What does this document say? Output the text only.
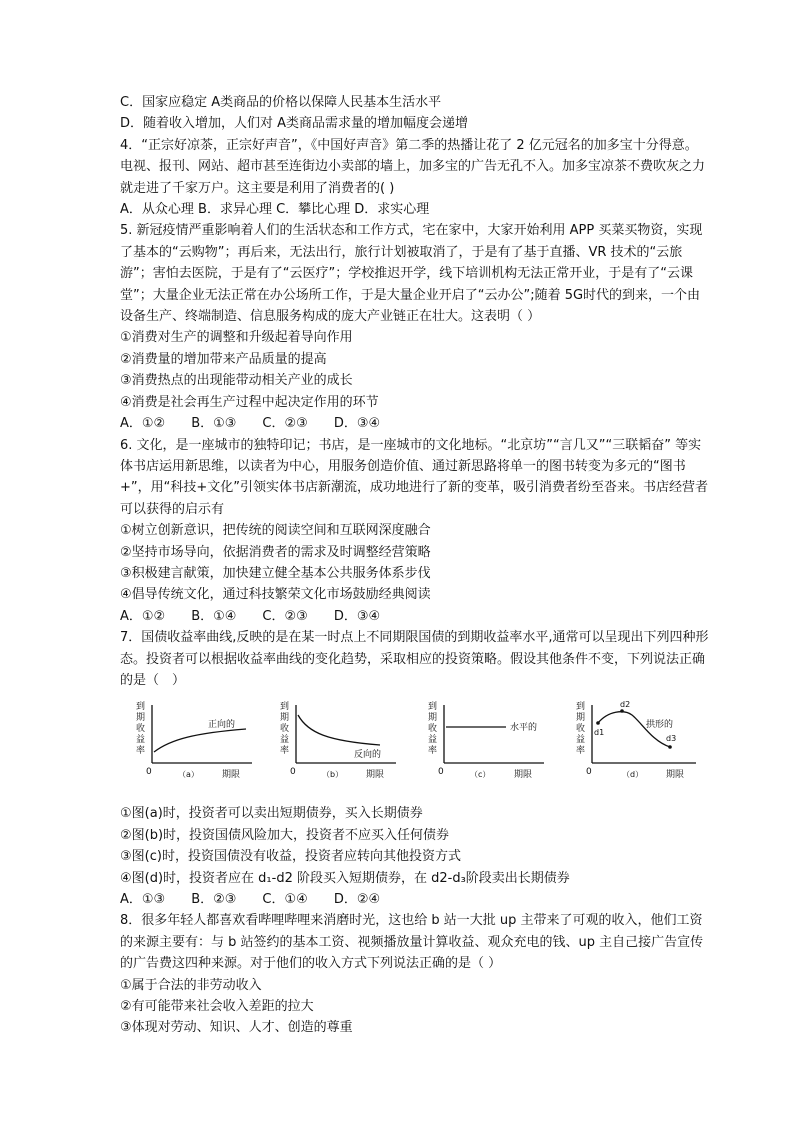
C．国家应稳定 A类商品的价格以保障人民基本生活水平
D．随着收入增加，人们对 A类商品需求量的增加幅度会递增
4．“正宗好凉茶，正宗好声音”，《中国好声音》第二季的热播让花了 2 亿元冠名的加多宝十分得意。电视、报刊、网站、超市甚至连街边小卖部的墙上，加多宝的广告无孔不入。加多宝凉茶不费吹灰之力就走进了千家万户。这主要是利用了消费者的( )
A．从众心理 B．求异心理 C．攀比心理 D．求实心理
5. 新冠疫情严重影响着人们的生活状态和工作方式，宅在家中，大家开始利用 APP 买菜买物资，实现了基本的“云购物”；再后来，无法出行，旅行计划被取消了，于是有了基于直播、VR 技术的“云旅游”；害怕去医院，于是有了“云医疗”；学校推迟开学，线下培训机构无法正常开业，于是有了“云课堂”；大量企业无法正常在办公场所工作，于是大量企业开启了“云办公”;随着 5G时代的到来，一个由设备生产、终端制造、信息服务构成的庞大产业链正在壮大。这表明（ ）
①消费对生产的调整和升级起着导向作用
②消费量的增加带来产品质量的提高
③消费热点的出现能带动相关产业的成长
④消费是社会再生产过程中起决定作用的环节
A．①②　　B．①③　　C．②③　　D．③④
6. 文化，是一座城市的独特印记；书店，是一座城市的文化地标。“北京坊”“言几又”“三联韬奋” 等实体书店运用新思维，以读者为中心，用服务创造价值、通过新思路将单一的图书转变为多元的“图书+”，用“科技+文化”引领实体书店新潮流，成功地进行了新的变革，吸引消费者纷至沓来。书店经营者可以获得的启示有
①树立创新意识，把传统的阅读空间和互联网深度融合
②坚持市场导向，依据消费者的需求及时调整经营策略
③积极建言献策，加快建立健全基本公共服务体系步伐
④倡导传统文化，通过科技繁荣文化市场鼓励经典阅读
A．①②　　B．①④　　C．②③　　D．③④
7．国债收益率曲线,反映的是在某一时点上不同期限国债的到期收益率水平,通常可以呈现出下列四种形态。投资者可以根据收益率曲线的变化趋势，采取相应的投资策略。假设其他条件不变，下列说法正确的是（　）
到
期
收
益
率
正向的
0	（a）	期限
到
期
收
益
率	反向的
0	（b）	期限
到
期
收
益
率
水平的
0	（c）	期限
到
期
收
益
率
d1
d2
d3
拱形的
0	（d）	期限
①图(a)时，投资者可以卖出短期债券，买入长期债券
②图(b)时，投资国债风险加大，投资者不应买入任何债券
③图(c)时，投资国债没有收益，投资者应转向其他投资方式
④图(d)时，投资者应在 d₁-d2 阶段买入短期债券，在 d2-d₃阶段卖出长期债券
A．①③　　B．②③　　C．①④　　D．②④
8．很多年轻人都喜欢看哔哩哔哩来消磨时光，这也给 b 站一大批 up 主带来了可观的收入，他们工资的来源主要有：与 b 站签约的基本工资、视频播放量计算收益、观众充电的钱、up 主自己接广告宣传的广告费这四种来源。对于他们的收入方式下列说法正确的是（ ）
①属于合法的非劳动收入
②有可能带来社会收入差距的拉大
③体现对劳动、知识、人才、创造的尊重
